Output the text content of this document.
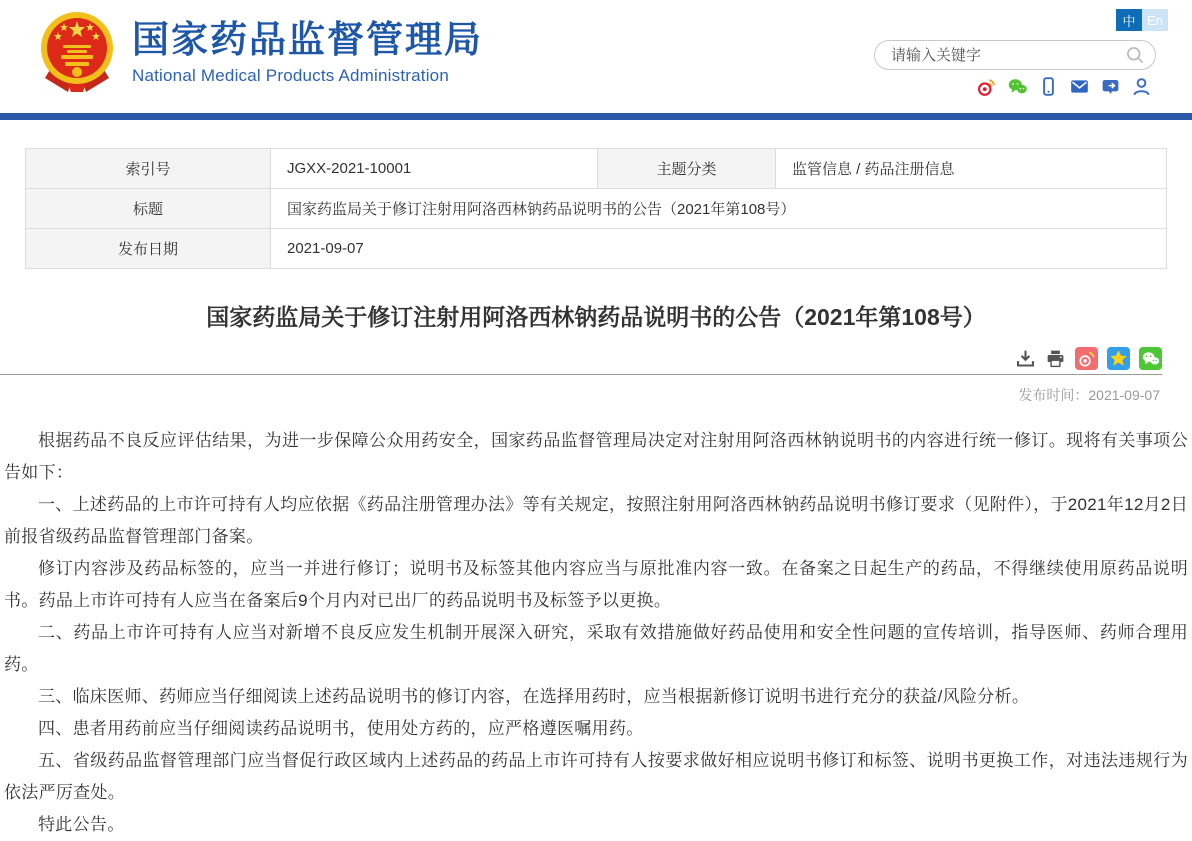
国家药品监督管理局
National Medical Products Administration
中 En
请输入关键字
索引号	JGXX-2021-10001	主题分类	监管信息 / 药品注册信息
标题	国家药监局关于修订注射用阿洛西林钠药品说明书的公告（2021年第108号）		
发布日期	2021-09-07		
国家药监局关于修订注射用阿洛西林钠药品说明书的公告（2021年第108号）
发布时间：2021-09-07

根据药品不良反应评估结果，为进一步保障公众用药安全，国家药品监督管理局决定对注射用阿洛西林钠说明书的内容进行统一修订。现将有关事项公告如下：

一、上述药品的上市许可持有人均应依据《药品注册管理办法》等有关规定，按照注射用阿洛西林钠药品说明书修订要求（见附件），于2021年12月2日前报省级药品监督管理部门备案。

修订内容涉及药品标签的，应当一并进行修订；说明书及标签其他内容应当与原批准内容一致。在备案之日起生产的药品，不得继续使用原药品说明书。药品上市许可持有人应当在备案后9个月内对已出厂的药品说明书及标签予以更换。

二、药品上市许可持有人应当对新增不良反应发生机制开展深入研究，采取有效措施做好药品使用和安全性问题的宣传培训，指导医师、药师合理用药。

三、临床医师、药师应当仔细阅读上述药品说明书的修订内容，在选择用药时，应当根据新修订说明书进行充分的获益/风险分析。

四、患者用药前应当仔细阅读药品说明书，使用处方药的，应严格遵医嘱用药。

五、省级药品监督管理部门应当督促行政区域内上述药品的药品上市许可持有人按要求做好相应说明书修订和标签、说明书更换工作，对违法违规行为依法严厉查处。

特此公告。
